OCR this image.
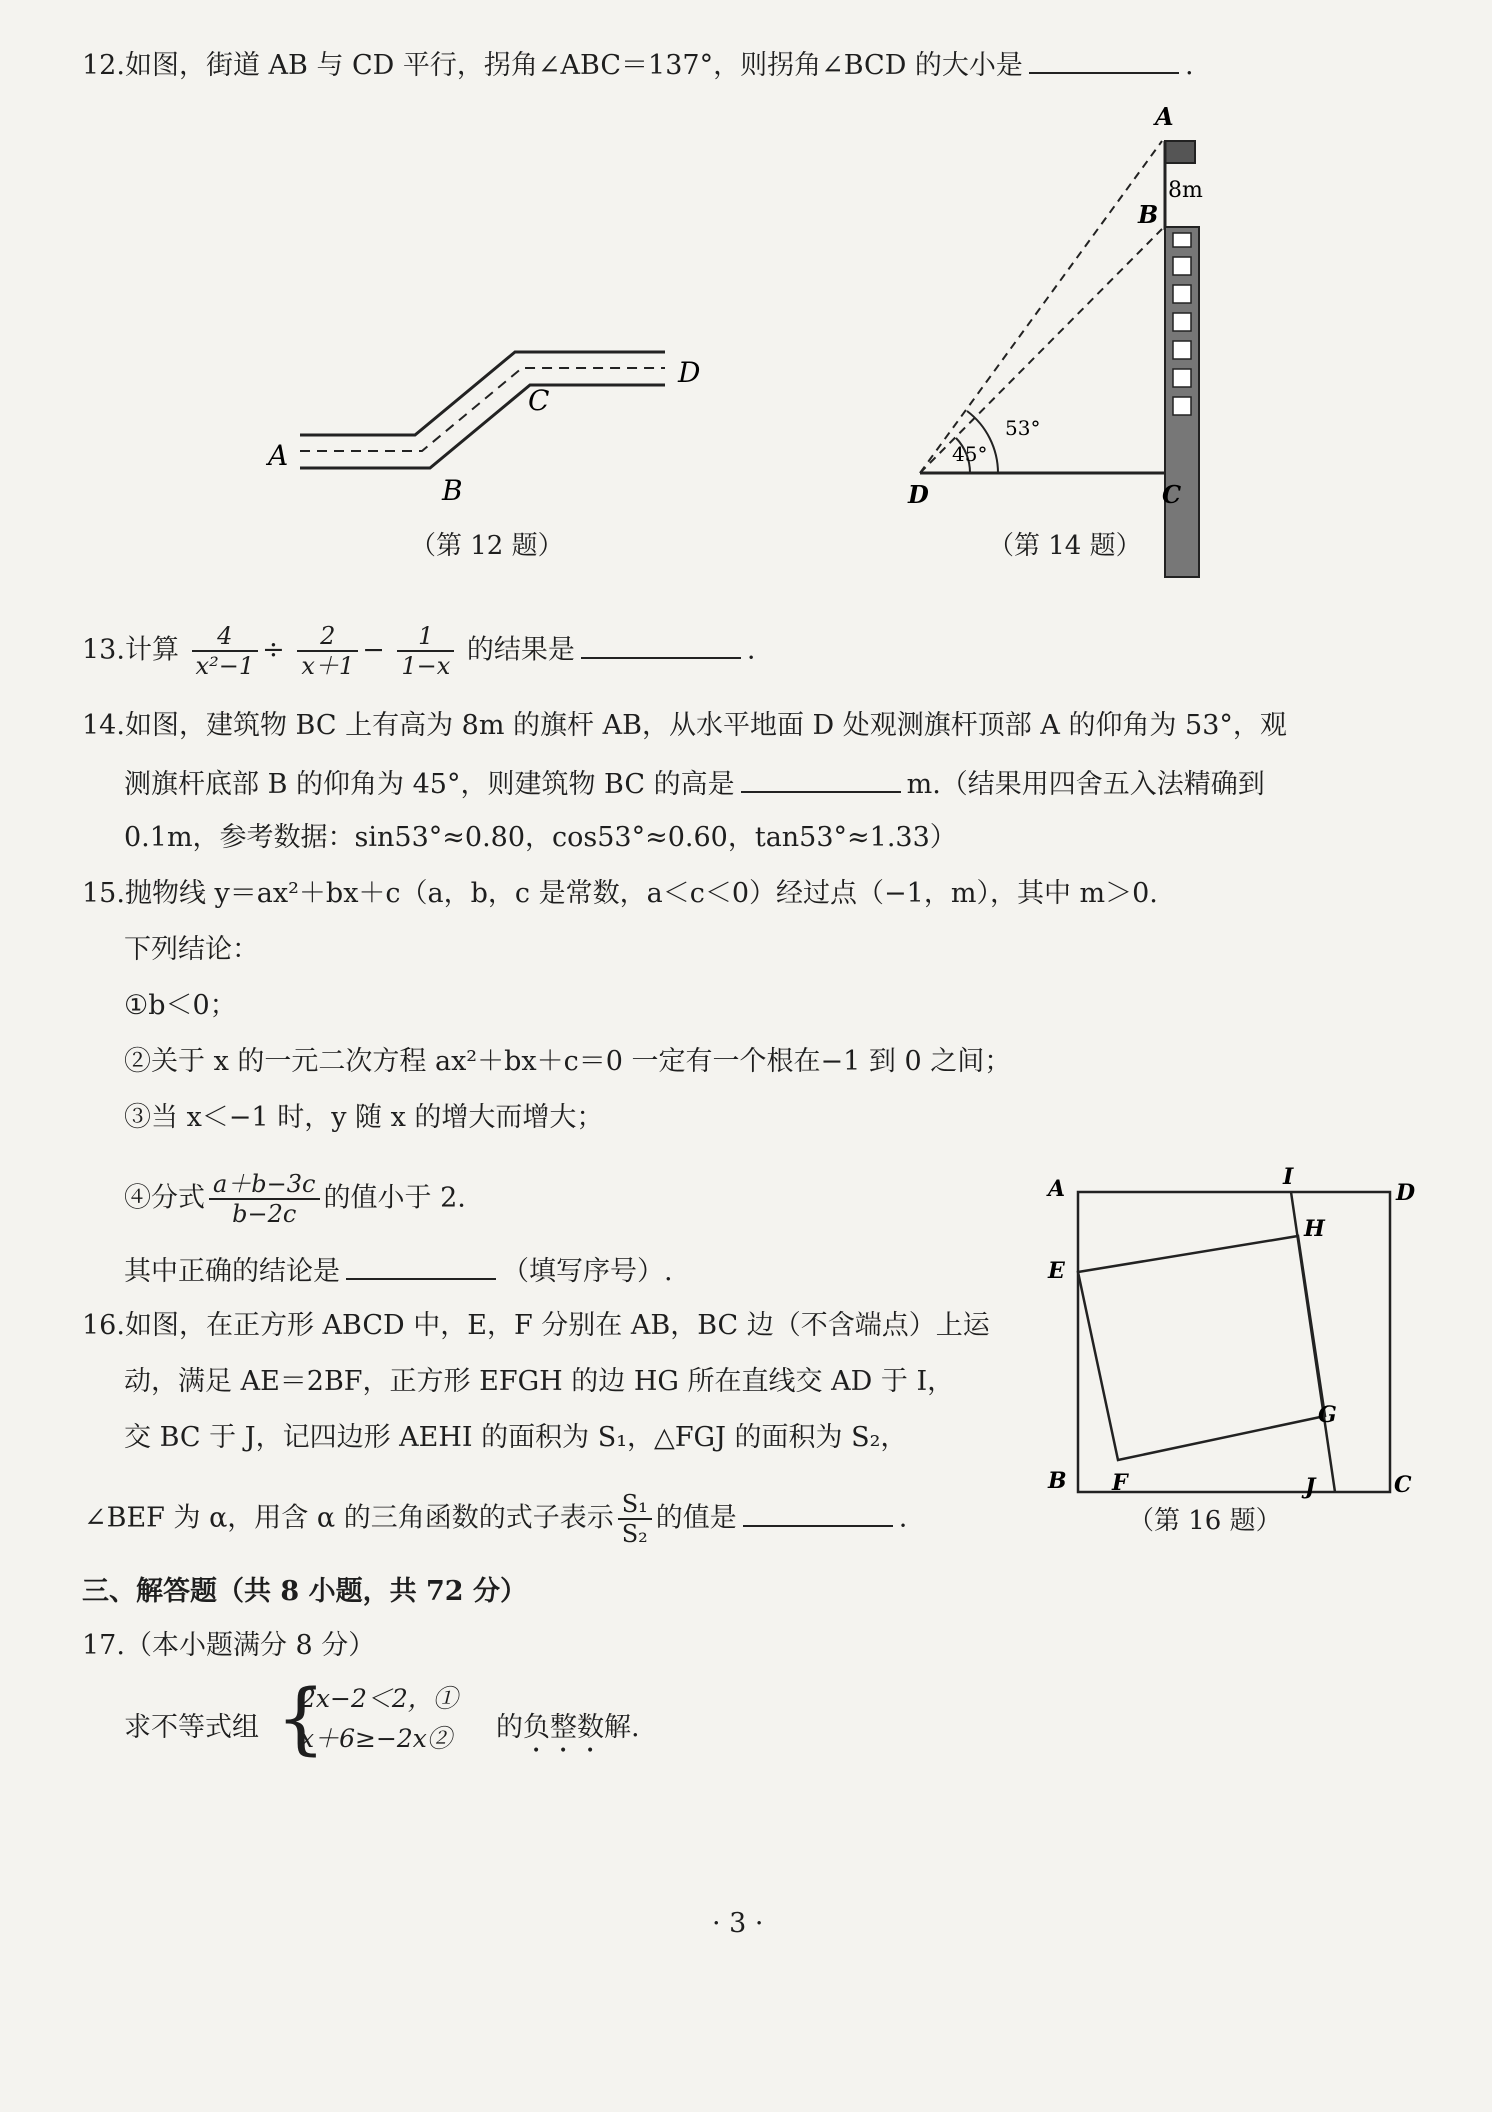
12.如图，街道 AB 与 CD 平行，拐角∠ABC＝137°，则拐角∠BCD 的大小是	.
A
B
C
D
（第 12 题）
A
B
C
D
8m
53°
45°
（第 14 题）
13.计算 $\frac{4}{\text{x²−1}} \div \frac{2}{x+1} - \frac{1}{1-x}$ 的结果是	.
14.如图，建筑物 BC 上有高为 8m 的旗杆 AB，从水平地面 D 处观测旗杆顶部 A 的仰角为 53°，观
测旗杆底部 B 的仰角为 45°，则建筑物 BC 的高是	m.（结果用四舍五入法精确到
0.1m，参考数据：sin53°≈0.80，cos53°≈0.60，tan53°≈1.33）
15.抛物线 y＝ax²＋bx＋c（a，b，c 是常数，a＜c＜0）经过点（−1，m），其中 m＞0.
下列结论：
①b＜0；
②关于 x 的一元二次方程 ax²＋bx＋c＝0 一定有一个根在−1 到 0 之间；
③当 x＜−1 时，y 随 x 的增大而增大；
④分式 $\frac{a+b-3c}{b-2c}$ 的值小于 2.
其中正确的结论是	（填写序号）.
16.如图，在正方形 ABCD 中，E，F 分别在 AB，BC 边（不含端点）上运
动，满足 AE＝2BF，正方形 EFGH 的边 HG 所在直线交 AD 于 I，
交 BC 于 J，记四边形 AEHI 的面积为 S₁，△FGJ 的面积为 S₂，
∠BEF 为 α，用含 α 的三角函数的式子表示 $\frac{\text{S₁}}{\text{S₂}}$ 的值是	.
A
B	C
D
E
F
G
H
I
J
（第 16 题）
三、解答题（共 8 小题，共 72 分）
17.（本小题满分 8 分）
求不等式组 {
2x−2＜2，①
x＋6≥−2x② 的负整数解.
· 3 ·
